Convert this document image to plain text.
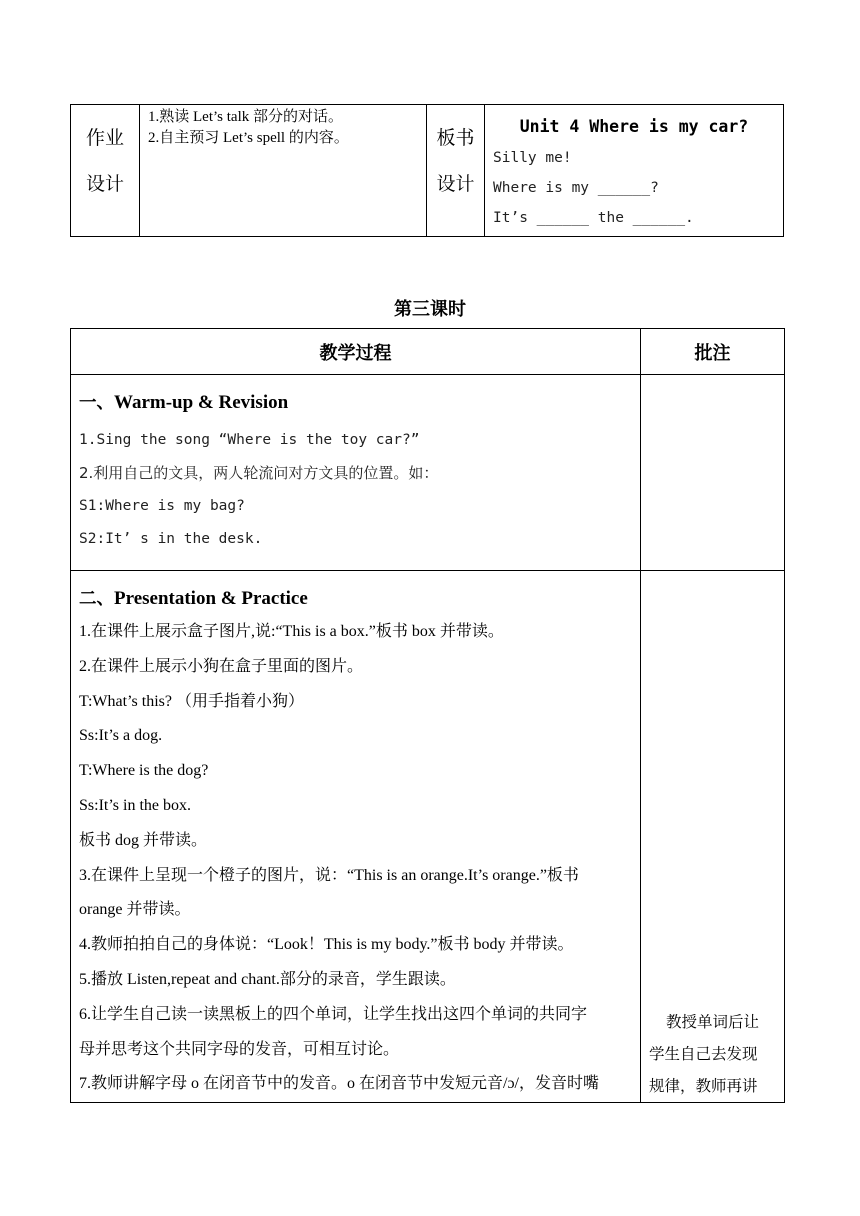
作业
设计
1.熟读 Let’s talk 部分的对话。
2.自主预习 Let’s spell 的内容。	板书
设计
Unit 4 Where is my car?
Silly me!
Where is my ______?
It’s ______ the ______.
第三课时
教学过程	批注
一、Warm-up & Revision
1.Sing the song “Where is the toy car?”
2.利用自己的文具，两人轮流问对方文具的位置。如：
S1:Where is my bag?
S2:It’ s in the desk.
二、Presentation & Practice
1.在课件上展示盒子图片,说:“This is a box.”板书 box 并带读。
2.在课件上展示小狗在盒子里面的图片。
T:What’s this? （用手指着小狗）
Ss:It’s a dog.
T:Where is the dog?
Ss:It’s in the box.
板书 dog 并带读。
3.在课件上呈现一个橙子的图片，说：“This is an orange.It’s orange.”板书
orange 并带读。
4.教师拍拍自己的身体说：“Look！This is my body.”板书 body 并带读。
5.播放 Listen,repeat and chant.部分的录音，学生跟读。
6.让学生自己读一读黑板上的四个单词，让学生找出这四个单词的共同字
母并思考这个共同字母的发音，可相互讨论。
7.教师讲解字母 o 在闭音节中的发音。o 在闭音节中发短元音/ɔ/，发音时嘴
教授单词后让
学生自己去发现
规律，教师再讲
